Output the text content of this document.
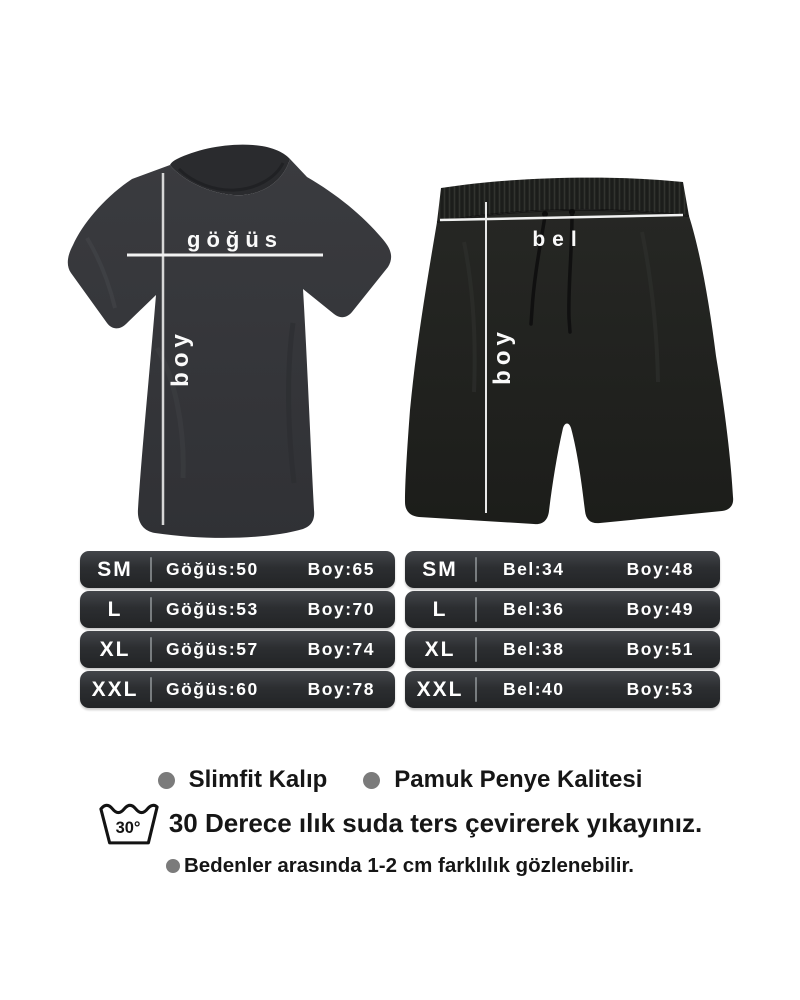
göğüs
boy
bel
boy
SM	Göğüs:50	Boy:65
L	Göğüs:53	Boy:70
XL	Göğüs:57	Boy:74
XXL	Göğüs:60	Boy:78
SM	Bel:34	Boy:48
L	Bel:36	Boy:49
XL	Bel:38	Boy:51
XXL	Bel:40	Boy:53
Slimfit Kalıp	Pamuk Penye Kalitesi
30° 30 Derece ılık suda ters çevirerek yıkayınız.
Bedenler arasında 1-2 cm farklılık gözlenebilir.
